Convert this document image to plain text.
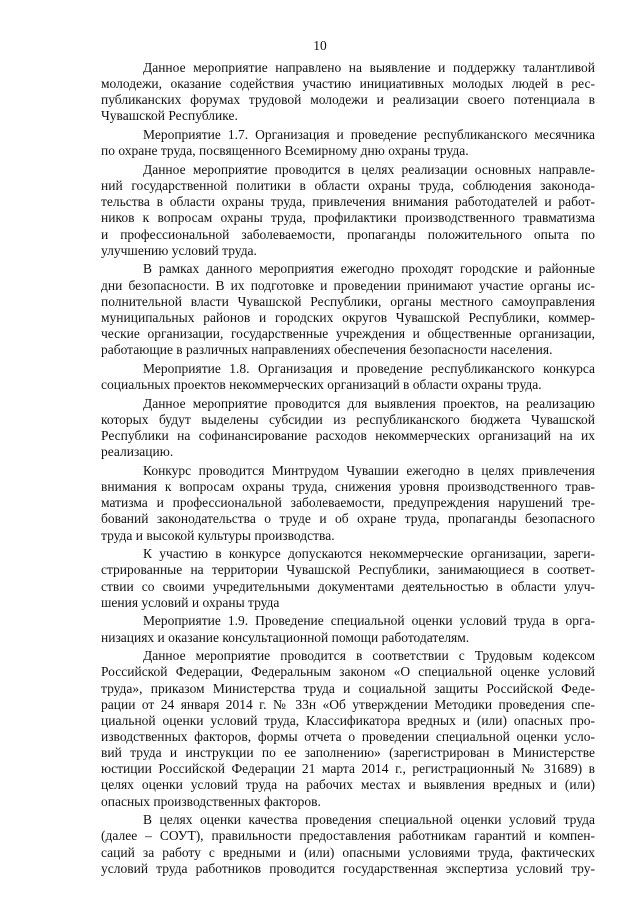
10
Данное мероприятие направлено на выявление и поддержку талантливой
молодежи, оказание содействия участию инициативных молодых людей в рес-
публиканских форумах трудовой молодежи и реализации своего потенциала в
Чувашской Республике.
Мероприятие 1.7. Организация и проведение республиканского месячника
по охране труда, посвященного Всемирному дню охраны труда.
Данное мероприятие проводится в целях реализации основных направле-
ний государственной политики в области охраны труда, соблюдения законода-
тельства в области охраны труда, привлечения внимания работодателей и работ-
ников к вопросам охраны труда, профилактики производственного травматизма
и профессиональной заболеваемости, пропаганды положительного опыта по
улучшению условий труда.
В рамках данного мероприятия ежегодно проходят городские и районные
дни безопасности. В их подготовке и проведении принимают участие органы ис-
полнительной власти Чувашской Республики, органы местного самоуправления
муниципальных районов и городских округов Чувашской Республики, коммер-
ческие организации, государственные учреждения и общественные организации,
работающие в различных направлениях обеспечения безопасности населения.
Мероприятие 1.8. Организация и проведение республиканского конкурса
социальных проектов некоммерческих организаций в области охраны труда.
Данное мероприятие проводится для выявления проектов, на реализацию
которых будут выделены субсидии из республиканского бюджета Чувашской
Республики на софинансирование расходов некоммерческих организаций на их
реализацию.
Конкурс проводится Минтрудом Чувашии ежегодно в целях привлечения
внимания к вопросам охраны труда, снижения уровня производственного трав-
матизма и профессиональной заболеваемости, предупреждения нарушений тре-
бований законодательства о труде и об охране труда, пропаганды безопасного
труда и высокой культуры производства.
К участию в конкурсе допускаются некоммерческие организации, зареги-
стрированные на территории Чувашской Республики, занимающиеся в соответ-
ствии со своими учредительными документами деятельностью в области улуч-
шения условий и охраны труда
Мероприятие 1.9. Проведение специальной оценки условий труда в орга-
низациях и оказание консультационной помощи работодателям.
Данное мероприятие проводится в соответствии с Трудовым кодексом
Российской Федерации, Федеральным законом «О специальной оценке условий
труда», приказом Министерства труда и социальной защиты Российской Феде-
рации от 24 января 2014 г. № 33н «Об утверждении Методики проведения спе-
циальной оценки условий труда, Классификатора вредных и (или) опасных про-
изводственных факторов, формы отчета о проведении специальной оценки усло-
вий труда и инструкции по ее заполнению» (зарегистрирован в Министерстве
юстиции Российской Федерации 21 марта 2014 г., регистрационный № 31689) в
целях оценки условий труда на рабочих местах и выявления вредных и (или)
опасных производственных факторов.
В целях оценки качества проведения специальной оценки условий труда
(далее – СОУТ), правильности предоставления работникам гарантий и компен-
саций за работу с вредными и (или) опасными условиями труда, фактических
условий труда работников проводится государственная экспертиза условий тру-
